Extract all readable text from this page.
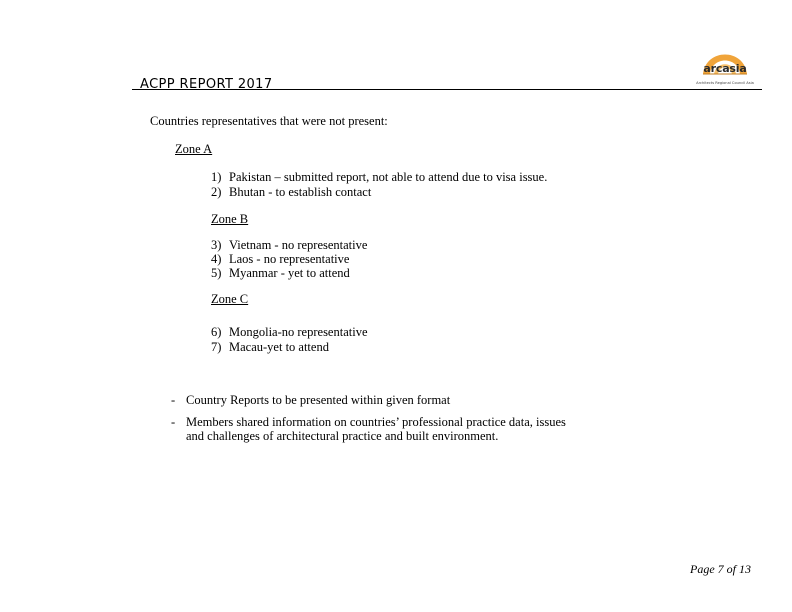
ACPP REPORT 2017
arcasia
Architects Regional Council Asia
Countries representatives that were not present:
Zone A
1) Pakistan – submitted report, not able to attend due to visa issue.
2) Bhutan - to establish contact
Zone B
3) Vietnam - no representative
4) Laos - no representative
5) Myanmar - yet to attend
Zone C
6) Mongolia-no representative
7) Macau-yet to attend
- Country Reports to be presented within given format
- Members shared information on countries’ professional practice data, issues
and challenges of architectural practice and built environment.
Page 7 of 13
